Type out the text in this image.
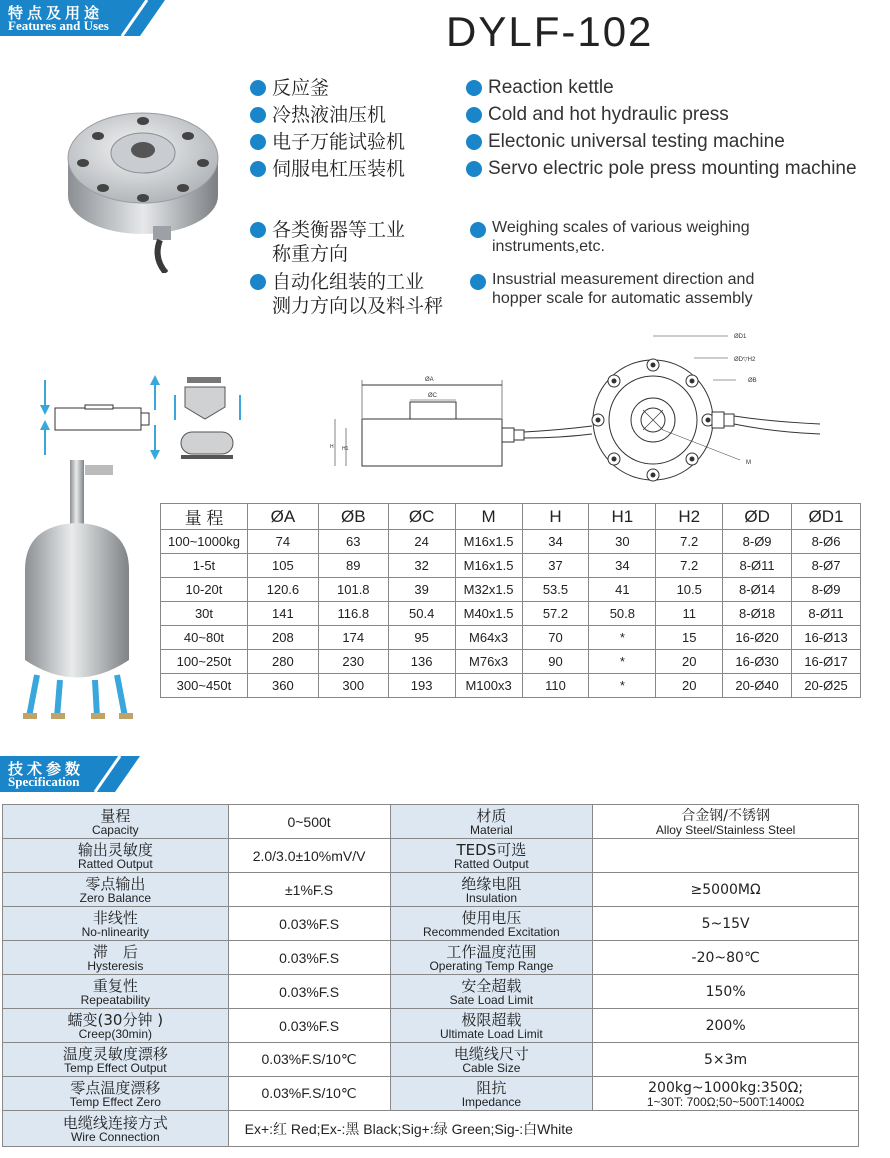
特点及用途
Features and Uses	DYLF-102
反应釜
冷热液油压机
电子万能试验机
伺服电杠压装机
Reaction kettle
Cold and hot hydraulic press
Electonic universal testing machine
Servo electric pole press mounting machine
各类衡器等工业
称重方向
自动化组装的工业
测力方向以及料斗秤
Weighing scales of various weighing
instruments,etc.
Insustrial measurement direction and
hopper scale for automatic assembly
ØA
ØC
H H1
ØD1
ØD▽H2
ØB
M
量 程	ØA	ØB	ØC	M	H	H1	H2	ØD	ØD1
100~1000kg	74	63	24	M16x1.5	34	30	7.2	8-Ø9	8-Ø6
1-5t	105	89	32	M16x1.5	37	34	7.2	8-Ø11	8-Ø7
10-20t	120.6	101.8	39	M32x1.5	53.5	41	10.5	8-Ø14	8-Ø9
30t	141	116.8	50.4	M40x1.5	57.2	50.8	11	8-Ø18	8-Ø11
40~80t	208	174	95	M64x3	70	*	15	16-Ø20	16-Ø13
100~250t	280	230	136	M76x3	90	*	20	16-Ø30	16-Ø17
300~450t	360	300	193	M100x3	110	*	20	20-Ø40	20-Ø25
技术参数
Specification
量程
Capacity	0~500t	材质
Material	合金钢/不锈钢
Alloy Steel/Stainless Steel

输出灵敏度
Ratted Output	2.0/3.0±10%mV/V	TEDS可选
Ratted Output	

零点输出
Zero Balance	±1%F.S	绝缘电阻
Insulation	≥5000MΩ

非线性
No-nlinearity	0.03%F.S	使用电压
Recommended Excitation	5~15V

滞　后
Hysteresis	0.03%F.S	工作温度范围
Operating Temp Range	-20~80℃

重复性
Repeatability	0.03%F.S	安全超载
Sate Load Limit	150%

蠕变(30分钟 )
Creep(30min)	0.03%F.S	极限超载
Ultimate Load Limit	200%

温度灵敏度漂移
Temp Effect Output	0.03%F.S/10℃	电缆线尺寸
Cable Size	5×3m

零点温度漂移
Temp Effect Zero	0.03%F.S/10℃	阻抗
Impedance	200kg~1000kg:350Ω;
1~30T: 700Ω;50~500T:1400Ω

电缆线连接方式
Wire Connection	Ex+:红 Red;Ex-:黑 Black;Sig+:绿 Green;Sig-:白White		
